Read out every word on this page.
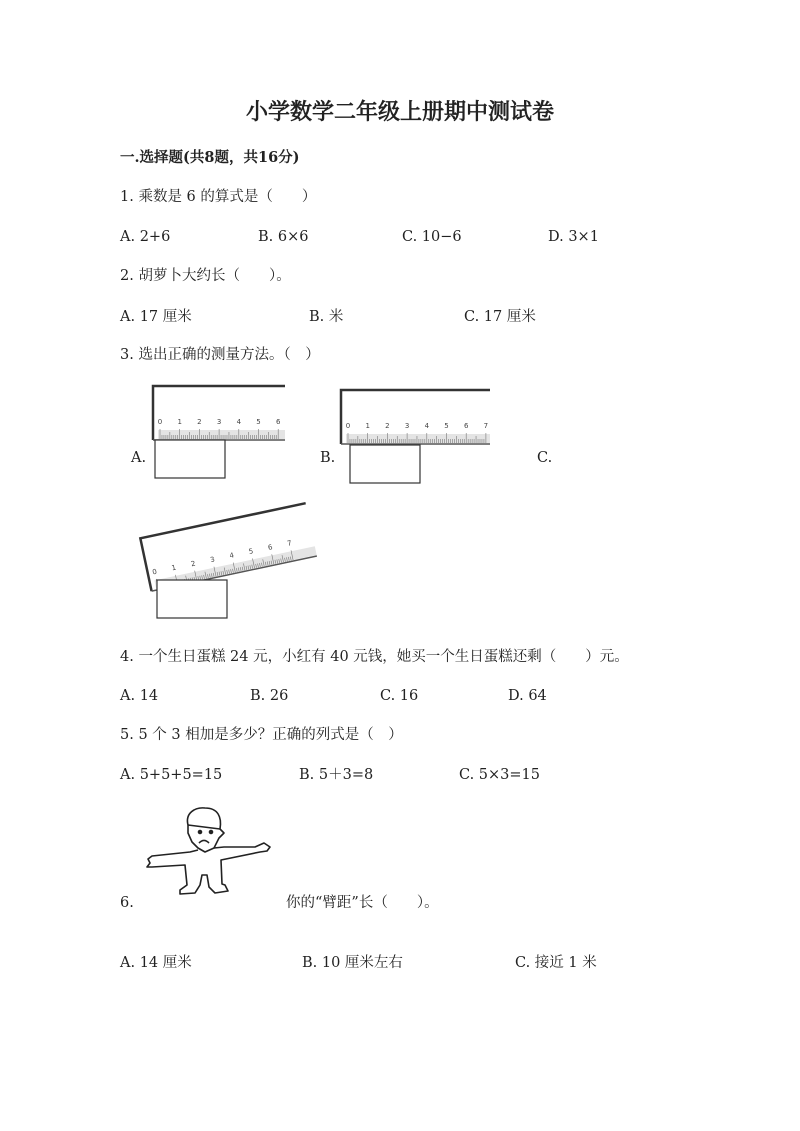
小学数学二年级上册期中测试卷
一.选择题(共8题，共16分)
1. 乘数是 6 的算式是（　　）
A. 2+6	B. 6×6	C. 10−6	D. 3×1
2. 胡萝卜大约长（　　）。
A. 17 厘米	B. 米	C. 17 厘米
3. 选出正确的测量方法。（　）
A.	B.	C.
0 1 2 3 4 5 6	0 1 2 3 4 5 6 7
0 1 2 3 4 5 6 7
4. 一个生日蛋糕 24 元，小红有 40 元钱，她买一个生日蛋糕还剩（　　）元。
A. 14	B. 26	C. 16	D. 64
5. 5 个 3 相加是多少？正确的列式是（　）
A. 5+5+5=15	B. 5＋3=8	C. 5×3=15
6.	你的“臂距”长（　　）。
A. 14 厘米	B. 10 厘米左右	C. 接近 1 米
